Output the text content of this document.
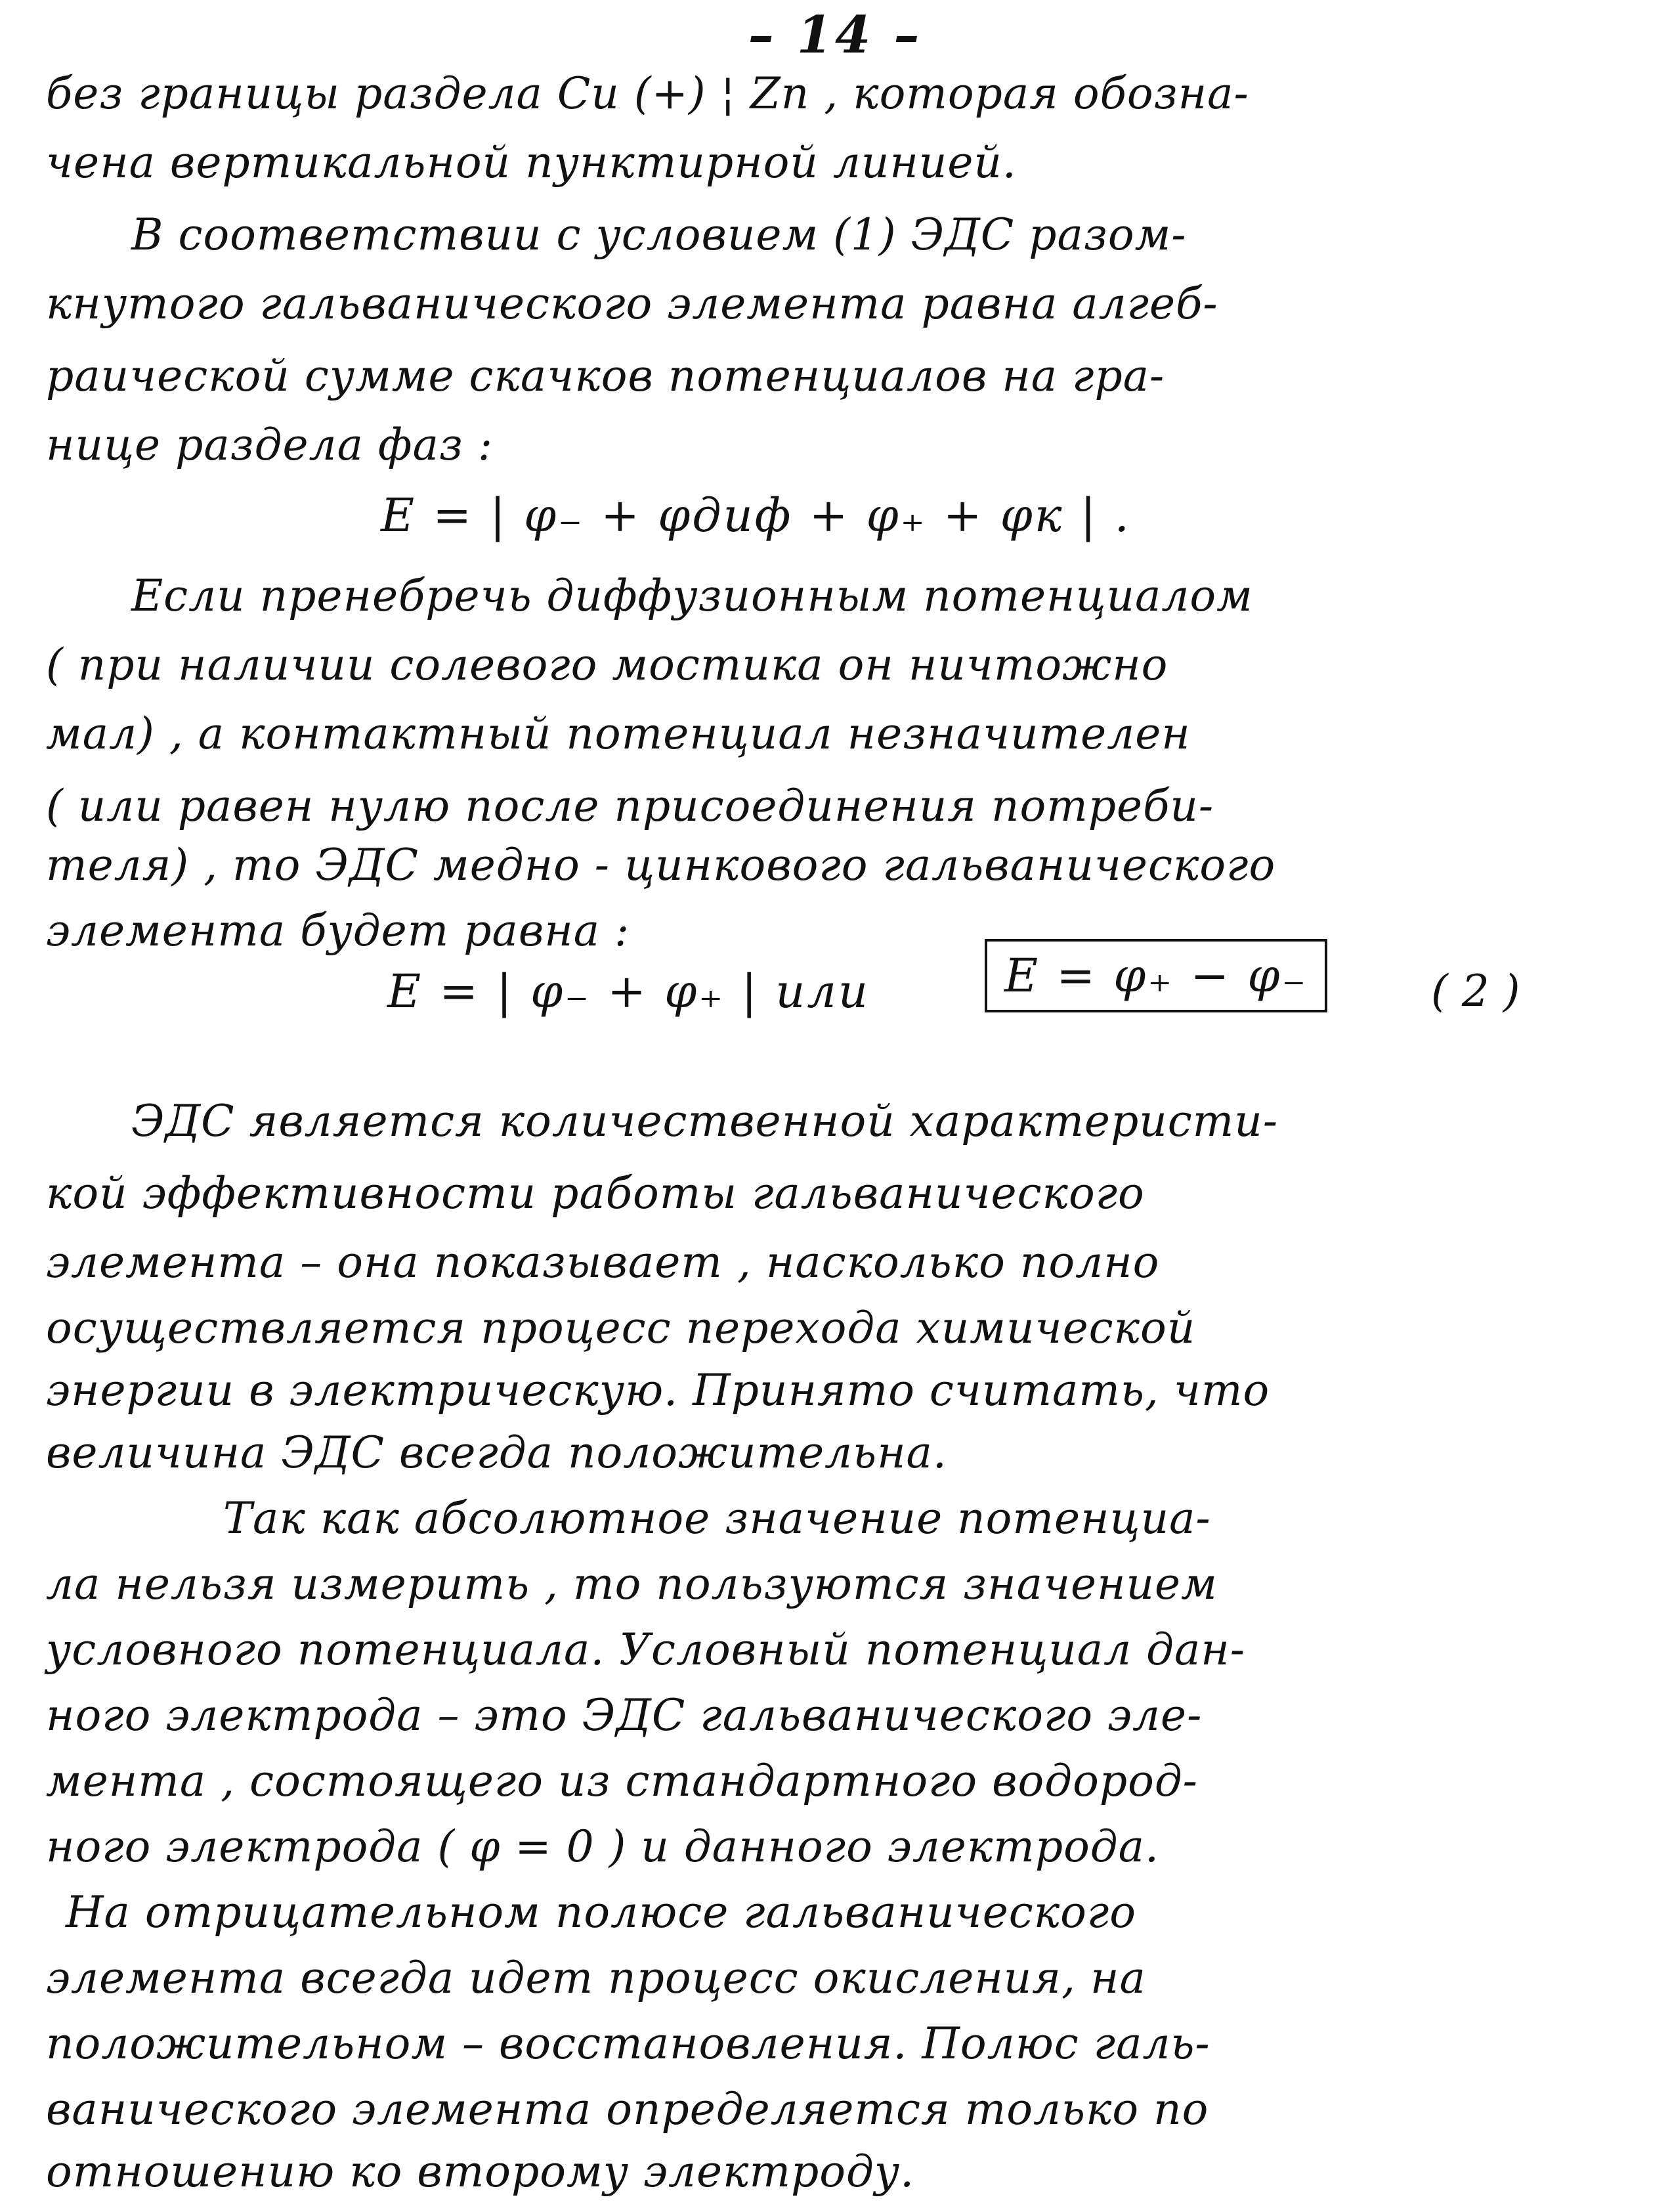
– 14 –
без границы раздела Cu (+) ¦ Zn , которая обозна-
чена вертикальной пунктирной линией.
В соответствии с условием (1) ЭДС разом-
кнутого гальванического элемента равна алгеб-
раической сумме скачков потенциалов на гра-
нице раздела фаз :
E = | φ₋ + φдиф + φ₊ + φк | .
Если пренебречь диффузионным потенциалом
( при наличии солевого мостика он ничтожно
мал) , а контактный потенциал незначителен
( или равен нулю после присоединения потреби-
теля) , то ЭДС медно - цинкового гальванического
элемента будет равна :
E = | φ₋ + φ₊ | или	E = φ₊ − φ₋	( 2 )
ЭДС является количественной характеристи-
кой эффективности работы гальванического
элемента – она показывает , насколько полно
осуществляется процесс перехода химической
энергии в электрическую. Принято считать, что
величина ЭДС всегда положительна.
Так как абсолютное значение потенциа-
ла нельзя измерить , то пользуются значением
условного потенциала. Условный потенциал дан-
ного электрода – это ЭДС гальванического эле-
мента , состоящего из стандартного водород-
ного электрода ( φ = 0 ) и данного электрода.
На отрицательном полюсе гальванического
элемента всегда идет процесс окисления, на
положительном – восстановления. Полюс галь-
ванического элемента определяется только по
отношению ко второму электроду.
